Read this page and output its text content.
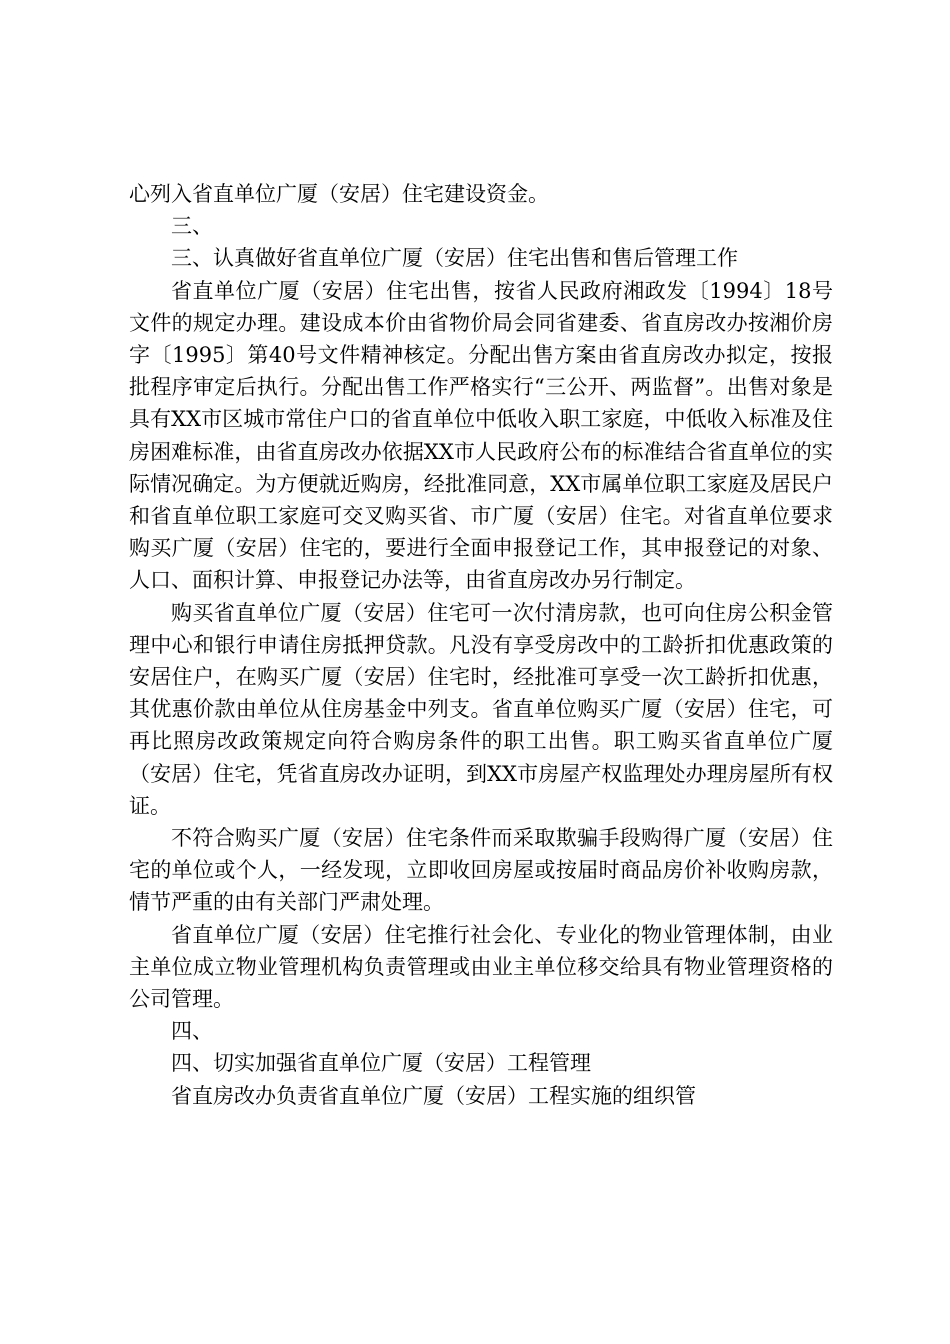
心列入省直单位广厦（安居）住宅建设资金。

三、

三、认真做好省直单位广厦（安居）住宅出售和售后管理工作

省直单位广厦（安居）住宅出售，按省人民政府湘政发〔1994〕18号文件的规定办理。建设成本价由省物价局会同省建委、省直房改办按湘价房字〔1995〕第40号文件精神核定。分配出售方案由省直房改办拟定，按报批程序审定后执行。分配出售工作严格实行“三公开、两监督”。出售对象是具有XX市区城市常住户口的省直单位中低收入职工家庭，中低收入标准及住房困难标准，由省直房改办依据XX市人民政府公布的标准结合省直单位的实际情况确定。为方便就近购房，经批准同意，XX市属单位职工家庭及居民户和省直单位职工家庭可交叉购买省、市广厦（安居）住宅。对省直单位要求购买广厦（安居）住宅的，要进行全面申报登记工作，其申报登记的对象、人口、面积计算、申报登记办法等，由省直房改办另行制定。

购买省直单位广厦（安居）住宅可一次付清房款，也可向住房公积金管理中心和银行申请住房抵押贷款。凡没有享受房改中的工龄折扣优惠政策的安居住户，在购买广厦（安居）住宅时，经批准可享受一次工龄折扣优惠，其优惠价款由单位从住房基金中列支。省直单位购买广厦（安居）住宅，可再比照房改政策规定向符合购房条件的职工出售。职工购买省直单位广厦（安居）住宅，凭省直房改办证明，到XX市房屋产权监理处办理房屋所有权证。

不符合购买广厦（安居）住宅条件而采取欺骗手段购得广厦（安居）住宅的单位或个人，一经发现，立即收回房屋或按届时商品房价补收购房款，情节严重的由有关部门严肃处理。

省直单位广厦（安居）住宅推行社会化、专业化的物业管理体制，由业主单位成立物业管理机构负责管理或由业主单位移交给具有物业管理资格的公司管理。

四、

四、切实加强省直单位广厦（安居）工程管理

省直房改办负责省直单位广厦（安居）工程实施的组织管
